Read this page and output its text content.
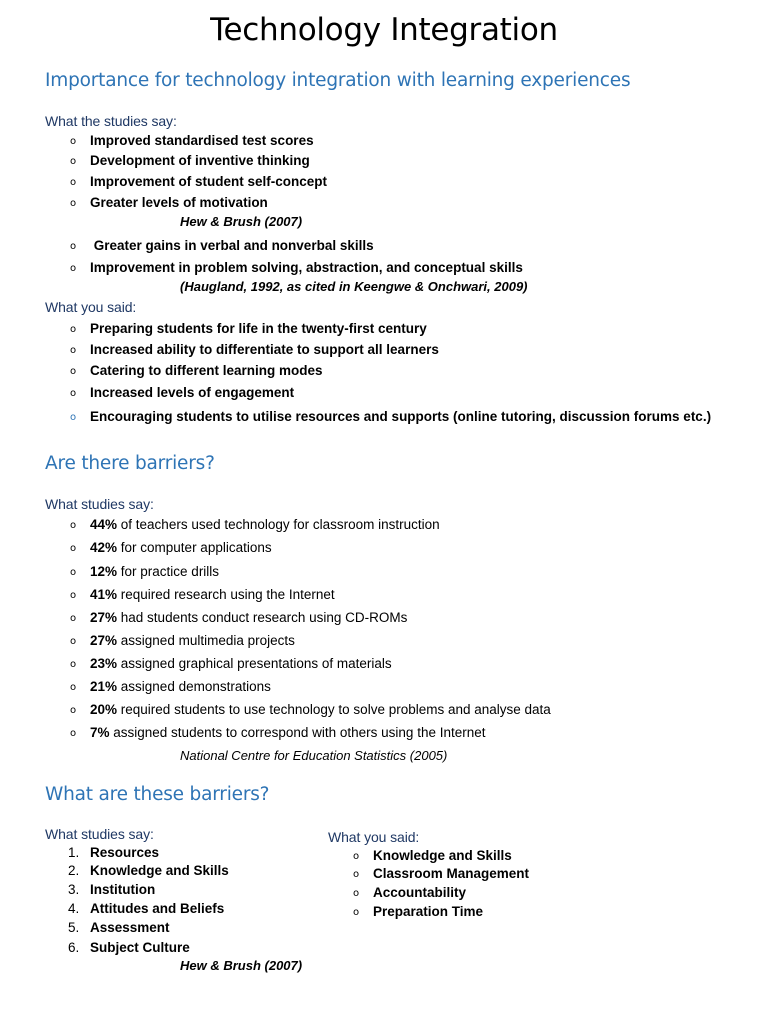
Technology Integration
Importance for technology integration with learning experiences
What the studies say:
o Improved standardised test scores
o Development of inventive thinking
o Improvement of student self-concept
o Greater levels of motivation
Hew & Brush (2007)
o Greater gains in verbal and nonverbal skills
o Improvement in problem solving, abstraction, and conceptual skills
(Haugland, 1992, as cited in Keengwe & Onchwari, 2009)
What you said:
o Preparing students for life in the twenty-first century
o Increased ability to differentiate to support all learners
o Catering to different learning modes
o Increased levels of engagement
o Encouraging students to utilise resources and supports (online tutoring, discussion forums etc.)
Are there barriers?
What studies say:
o 44% of teachers used technology for classroom instruction
o 42% for computer applications
o 12% for practice drills
o 41% required research using the Internet
o 27% had students conduct research using CD-ROMs
o 27% assigned multimedia projects
o 23% assigned graphical presentations of materials
o 21% assigned demonstrations
o 20% required students to use technology to solve problems and analyse data
o 7% assigned students to correspond with others using the Internet
National Centre for Education Statistics (2005)
What are these barriers?
What studies say:
1. Resources
2. Knowledge and Skills
3. Institution
4. Attitudes and Beliefs
5. Assessment
6. Subject Culture
Hew & Brush (2007)
What you said:
o Knowledge and Skills
o Classroom Management
o Accountability
o Preparation Time
